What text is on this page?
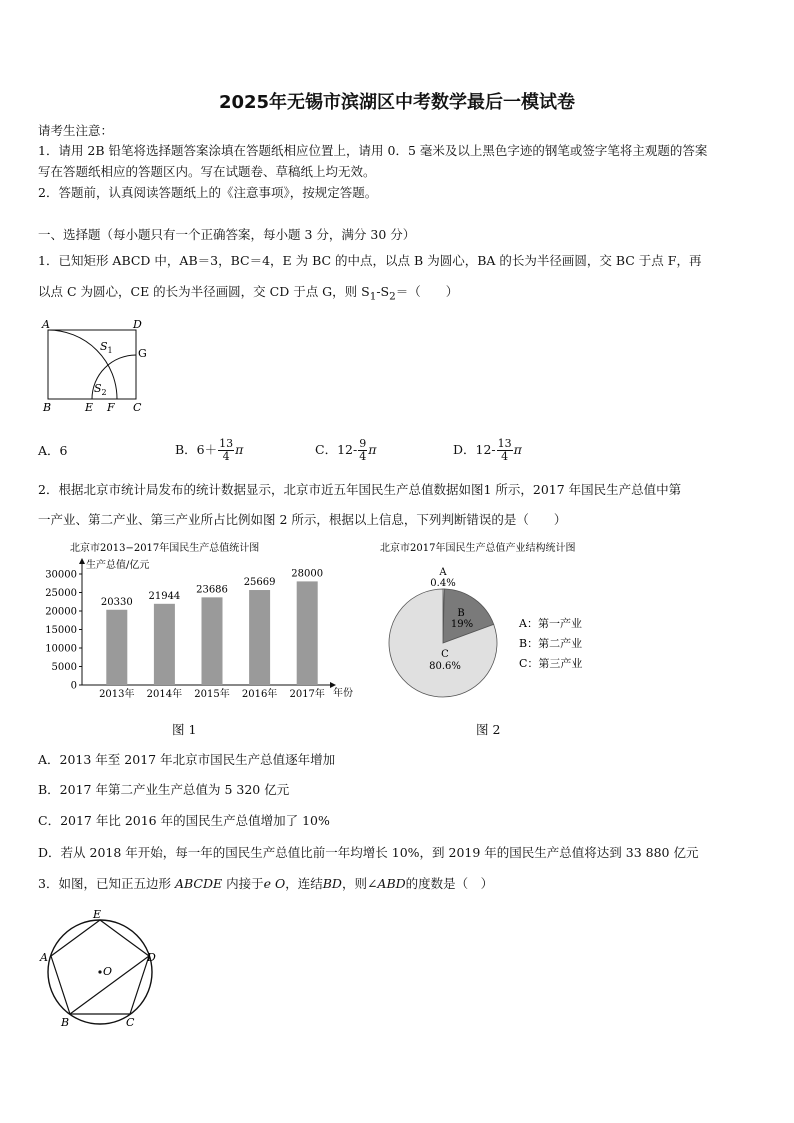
2025年无锡市滨湖区中考数学最后一模试卷
请考生注意：
1．请用 2B 铅笔将选择题答案涂填在答题纸相应位置上，请用 0．5 毫米及以上黑色字迹的钢笔或签字笔将主观题的答案
写在答题纸相应的答题区内。写在试题卷、草稿纸上均无效。
2．答题前，认真阅读答题纸上的《注意事项》，按规定答题。
一、选择题（每小题只有一个正确答案，每小题 3 分，满分 30 分）
1．已知矩形 ABCD 中，AB＝3，BC＝4，E 为 BC 的中点，以点 B 为圆心，BA 的长为半径画圆，交 BC 于点 F，再
以点 C 为圆心，CE 的长为半径画圆，交 CD 于点 G，则 $S_1-S_2=$（　　）
A	D
G
B	E F C
$S_1$
$S_2$
A．6	B．$6+ \frac{13}{4}$ π	C．$12- \frac{9}{4}$ π	D．$12- \frac{13}{4}$ π
2．根据北京市统计局发布的统计数据显示，北京市近五年国民生产总值数据如图1 所示，2017 年国民生产总值中第
一产业、第二产业、第三产业所占比例如图 2 所示，根据以上信息，下列判断错误的是（　　）
北京市2013−2017年国民生产总值统计图
生产总值/亿元
年份
0
5000
10000
15000
20000
25000
30000
20330
2013年
21944
2014年
23686
2015年
25669
2016年
28000
2017年
北京市2017年国民生产总值产业结构统计图
A
0.4%
B
19%
C
80.6%
A：第一产业
B：第二产业
C：第三产业
图 1	图 2
A．2013 年至 2017 年北京市国民生产总值逐年增加
B．2017 年第二产业生产总值为 5 320 亿元
C．2017 年比 2016 年的国民生产总值增加了 10%
D．若从 2018 年开始，每一年的国民生产总值比前一年均增长 10%，到 2019 年的国民生产总值将达到 33 880 亿元
3．如图，已知正五边形 ABCDE 内接于e O，连结BD，则∠ABD的度数是（　）
O
E
D
A
B	C
